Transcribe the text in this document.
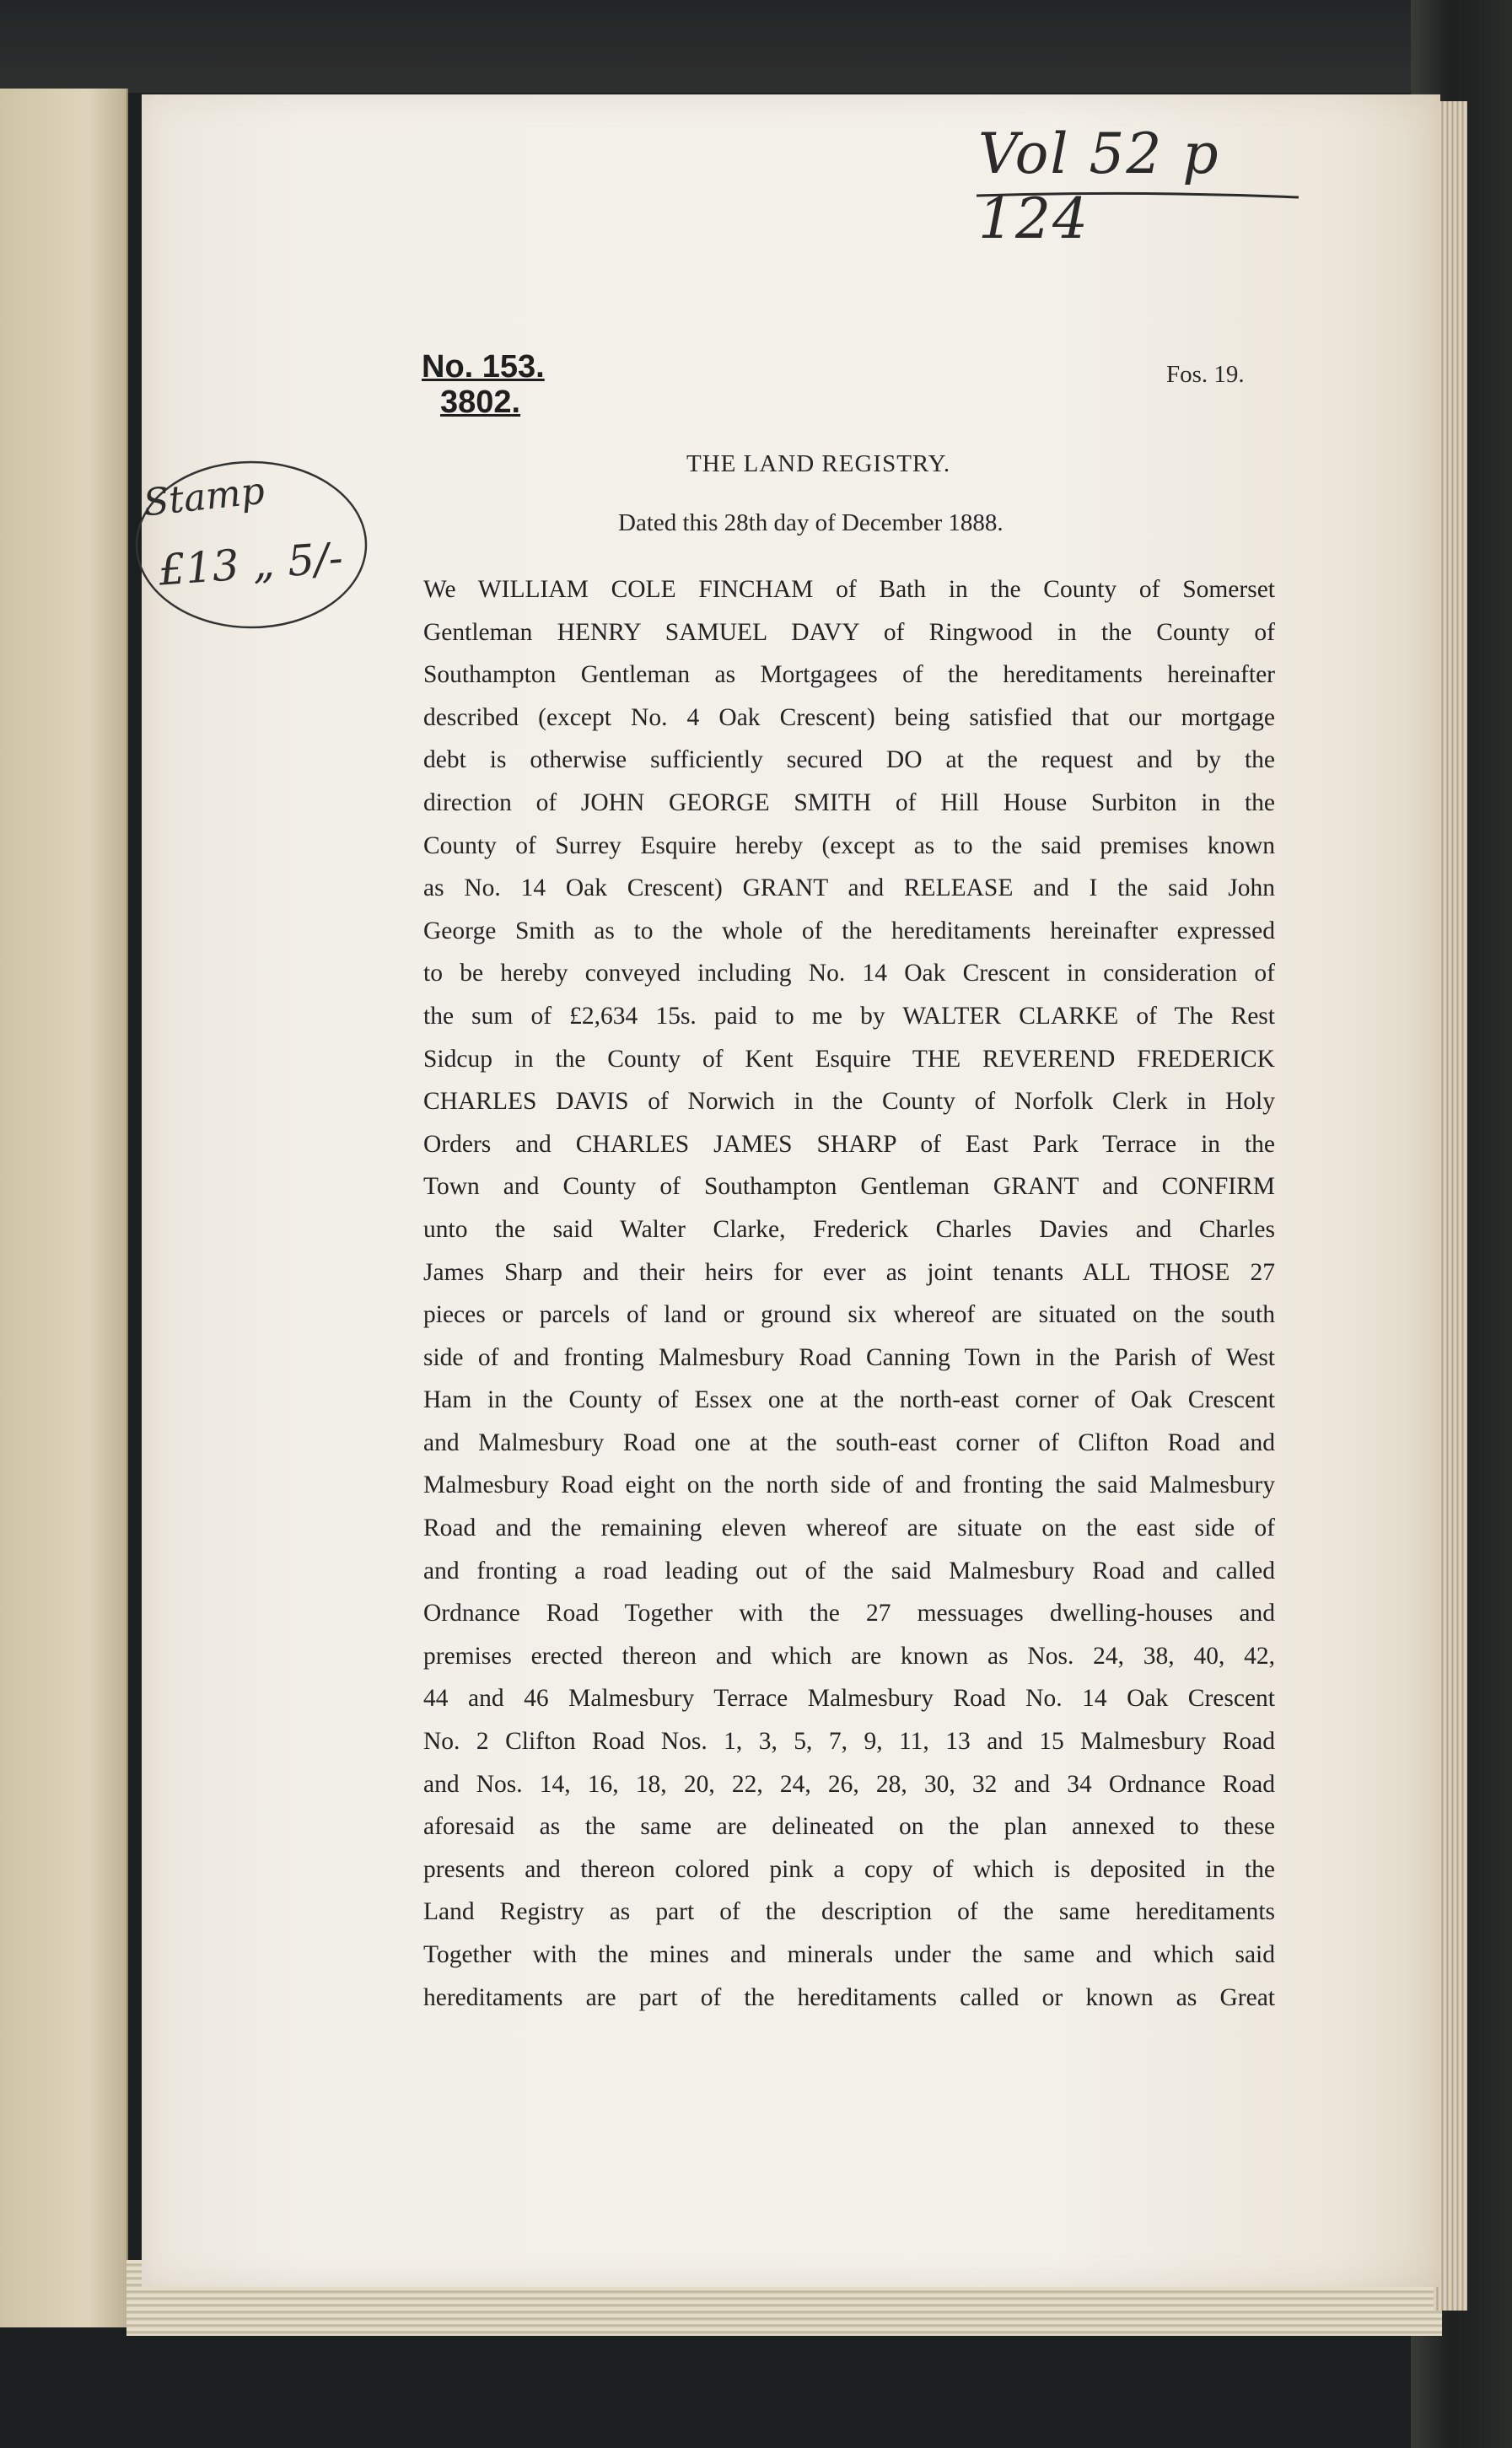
Vol 52 p 124
No. 153.
3802.
Fos. 19.
Stamp
£13 „ 5/-
THE LAND REGISTRY.
Dated this 28th day of December 1888.
We WILLIAM COLE FINCHAM of Bath in the County of Somerset
Gentleman HENRY SAMUEL DAVY of Ringwood in the County of
Southampton Gentleman as Mortgagees of the hereditaments hereinafter
described (except No. 4 Oak Crescent) being satisfied that our mortgage
debt is otherwise sufficiently secured DO at the request and by the
direction of JOHN GEORGE SMITH of Hill House Surbiton in the
County of Surrey Esquire hereby (except as to the said premises known
as No. 14 Oak Crescent) GRANT and RELEASE and I the said John
George Smith as to the whole of the hereditaments hereinafter expressed
to be hereby conveyed including No. 14 Oak Crescent in consideration of
the sum of £2,634 15s. paid to me by WALTER CLARKE of The Rest
Sidcup in the County of Kent Esquire THE REVEREND FREDERICK
CHARLES DAVIS of Norwich in the County of Norfolk Clerk in Holy
Orders and CHARLES JAMES SHARP of East Park Terrace in the
Town and County of Southampton Gentleman GRANT and CONFIRM
unto the said Walter Clarke, Frederick Charles Davies and Charles
James Sharp and their heirs for ever as joint tenants ALL THOSE 27
pieces or parcels of land or ground six whereof are situated on the south
side of and fronting Malmesbury Road Canning Town in the Parish of West
Ham in the County of Essex one at the north-east corner of Oak Crescent
and Malmesbury Road one at the south-east corner of Clifton Road and
Malmesbury Road eight on the north side of and fronting the said Malmesbury
Road and the remaining eleven whereof are situate on the east side of
and fronting a road leading out of the said Malmesbury Road and called
Ordnance Road Together with the 27 messuages dwelling-houses and
premises erected thereon and which are known as Nos. 24, 38, 40, 42,
44 and 46 Malmesbury Terrace Malmesbury Road No. 14 Oak Crescent
No. 2 Clifton Road Nos. 1, 3, 5, 7, 9, 11, 13 and 15 Malmesbury Road
and Nos. 14, 16, 18, 20, 22, 24, 26, 28, 30, 32 and 34 Ordnance Road
aforesaid as the same are delineated on the plan annexed to these
presents and thereon colored pink a copy of which is deposited in the
Land Registry as part of the description of the same hereditaments
Together with the mines and minerals under the same and which said
hereditaments are part of the hereditaments called or known as Great
